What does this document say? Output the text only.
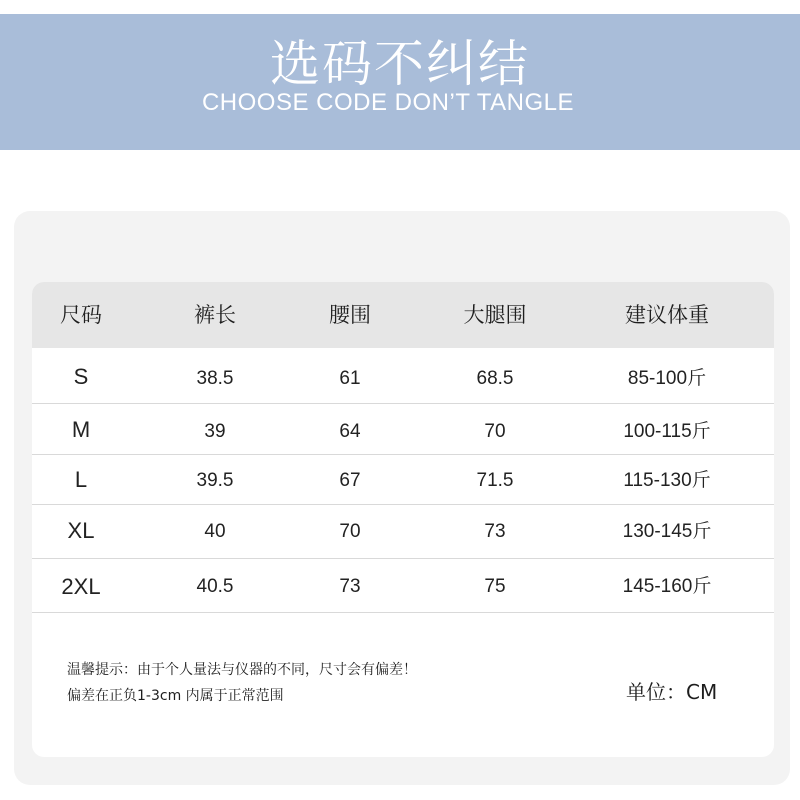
选码不纠结
CHOOSE CODE DON’T TANGLE
尺码	裤长	腰围	大腿围	建议体重
S	38.5	61	68.5	85-100斤
M	39	64	70	100-115斤
L	39.5	67	71.5	115-130斤
XL	40	70	73	130-145斤
2XL	40.5	73	75	145-160斤
温馨提示：由于个人量法与仪器的不同，尺寸会有偏差！
偏差在正负1-3cm 内属于正常范围	单位：CM
